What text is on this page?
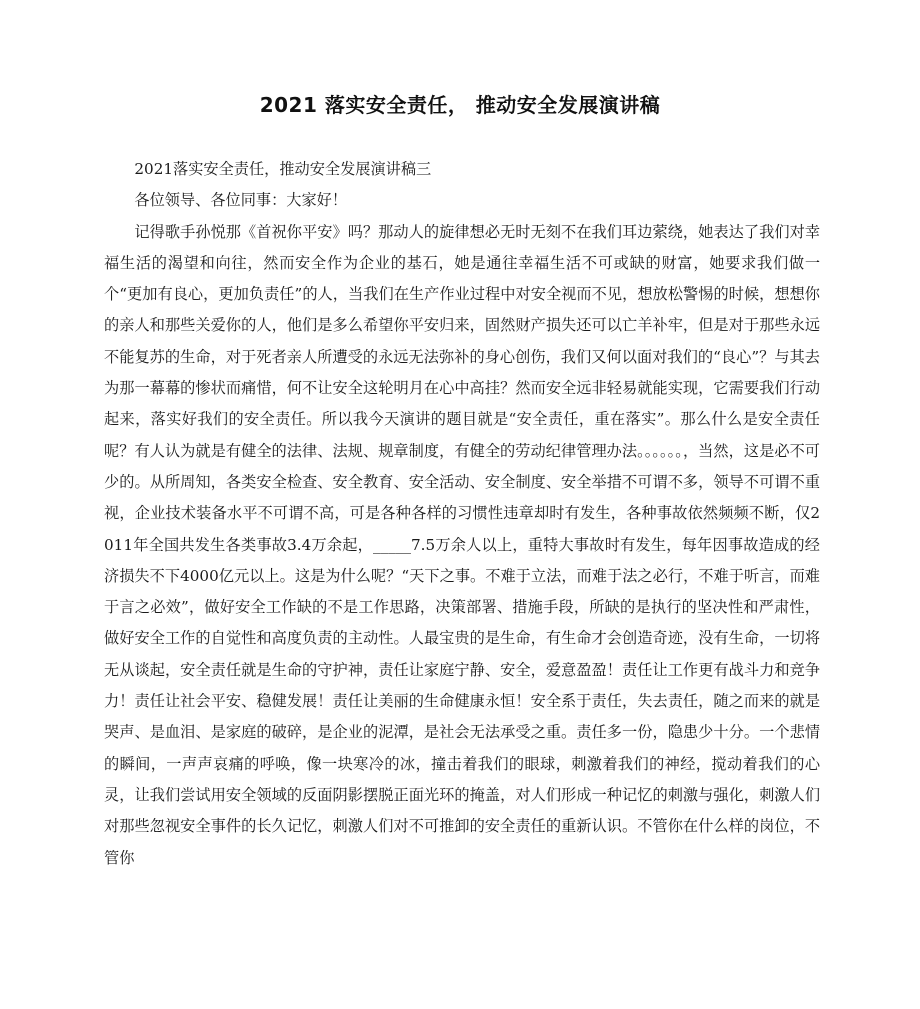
2021 落实安全责任， 推动安全发展演讲稿

2021落实安全责任，推动安全发展演讲稿三

各位领导、各位同事：大家好！

记得歌手孙悦那《首祝你平安》吗？那动人的旋律想必无时无刻不在我们耳边萦绕，她表达了我们对幸福生活的渴望和向往，然而安全作为企业的基石，她是通往幸福生活不可或缺的财富，她要求我们做一个“更加有良心，更加负责任”的人，当我们在生产作业过程中对安全视而不见，想放松警惕的时候，想想你的亲人和那些关爱你的人，他们是多么希望你平安归来，固然财产损失还可以亡羊补牢，但是对于那些永远不能复苏的生命，对于死者亲人所遭受的永远无法弥补的身心创伤，我们又何以面对我们的“良心”？与其去为那一幕幕的惨状而痛惜，何不让安全这轮明月在心中高挂？然而安全远非轻易就能实现，它需要我们行动起来，落实好我们的安全责任。所以我今天演讲的题目就是“安全责任，重在落实”。那么什么是安全责任呢？有人认为就是有健全的法律、法规、规章制度，有健全的劳动纪律管理办法。。。。。。，当然，这是必不可少的。从所周知，各类安全检查、安全教育、安全活动、安全制度、安全举措不可谓不多，领导不可谓不重视，企业技术装备水平不可谓不高，可是各种各样的习惯性违章却时有发生，各种事故依然频频不断，仅2011年全国共发生各类事故3.4万余起，_____7.5万余人以上，重特大事故时有发生，每年因事故造成的经济损失不下4000亿元以上。这是为什么呢？“天下之事。不难于立法，而难于法之必行，不难于听言，而难于言之必效”，做好安全工作缺的不是工作思路，决策部署、措施手段，所缺的是执行的坚决性和严肃性，做好安全工作的自觉性和高度负责的主动性。人最宝贵的是生命，有生命才会创造奇迹，没有生命，一切将无从谈起，安全责任就是生命的守护神，责任让家庭宁静、安全，爱意盈盈！责任让工作更有战斗力和竞争力！责任让社会平安、稳健发展！责任让美丽的生命健康永恒！安全系于责任，失去责任，随之而来的就是哭声、是血泪、是家庭的破碎，是企业的泥潭，是社会无法承受之重。责任多一份，隐患少十分。一个悲情的瞬间，一声声哀痛的呼唤，像一块寒冷的冰，撞击着我们的眼球，刺激着我们的神经，搅动着我们的心灵，让我们尝试用安全领域的反面阴影摆脱正面光环的掩盖，对人们形成一种记忆的刺激与强化，刺激人们对那些忽视安全事件的长久记忆，刺激人们对不可推卸的安全责任的重新认识。不管你在什么样的岗位，不管你
